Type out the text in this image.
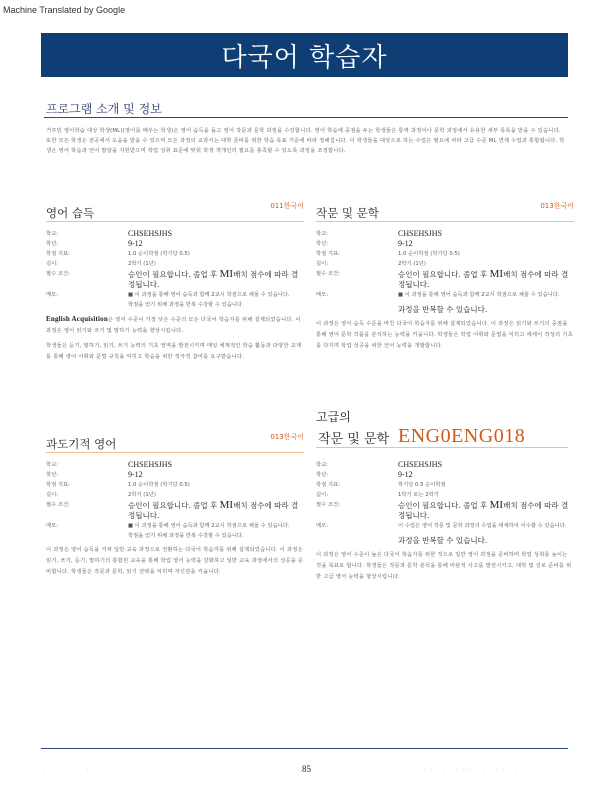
Machine Translated by Google
다국어 학습자
프로그램 소개 및 정보
거주민 영어학습 대상 학생(ML)(영어를 배우는 학생)은 영어 습득을 돕고 영어 작문과 문학 과정을 수강합니다. 영어 학습에 중점을 두는 학생들은 통역 과정이나 문학 과정에서 유용한 세부 목록을 받을 수 있습니다. 또한 모든 학생은 전공에서 도움을 받을 수 있으며 모든 과정의 교과서는 대학 준비를 위한 학습 목표 기준에 따라 정해집니다. 이 학생들을 대상으로 하는 수업은 필요에 따라 고급 수준 ML 연계 수업과 통합됩니다. 학생은 영어 학습과 언어 발달을 지원받으며 학업 성취 표준에 맞춰 학생 개개인의 필요를 충족할 수 있도록 과정을 조정합니다.
영어 습득	011한국어
학교:	CHSEHSJHS
학년:	9-12
학점 지표:	1.0 순이학점 (학기당 0.5)
길이:	2학기 (1년)
필수 조건:	승인이 필요합니다. 졸업 후 MI배치 점수에 따라 결정됩니다.
메모:	■ 이 과정을 통해 영어 습득과 함께 2교시 학점으로 채울 수 있습니다.
학점을 얻기 위해 과정을 반복 수강할 수 있습니다.
English Acquisition은 영어 수준이 가장 낮은 수준의 모든 다국어 학습자를 위해 설계되었습니다. 이 과정은 영어 읽기와 쓰기 및 말하기 능력을 향상시킵니다.
학생들은 듣기, 말하기, 읽기, 쓰기 능력의 기초 영역을 발전시키며 매일 체계적인 학습 활동과 다양한 교재를 통해 영어 어휘와 문법 규칙을 익히고 학습을 위한 적극적 참여를 요구받습니다.
작문 및 문학	013한국어
학교:	CHSEHSJHS
학년:	9-12
학점 지표:	1.0 순이학점 (학기당 0.5)
길이:	2학기 (1년)
필수 조건:	승인이 필요합니다. 졸업 후 MI배치 점수에 따라 결정됩니다.
메모:	■ 이 과정을 통해 영어 습득과 함께 2교시 학점으로 채울 수 있습니다.
과정을 반복할 수 있습니다.
이 과정은 영어 습득 수준을 마친 다국어 학습자를 위해 설계되었습니다. 이 과정은 읽기와 쓰기의 중점을 통해 영어 문학 작품을 분석하는 능력을 키웁니다. 학생들은 학업 어휘와 문법을 익히고 에세이 작성의 기초를 다지며 학업 성공을 위한 언어 능력을 개발합니다.
과도기적 영어	013한국어
학교:	CHSEHSJHS
학년:	9-12
학점 지표:	1.0 순이학점 (학기당 0.5)
길이:	2학기 (1년)
필수 조건:	승인이 필요합니다. 졸업 후 MI배치 점수에 따라 결정됩니다.
메모:	■ 이 과정을 통해 영어 습득과 함께 2교시 학점으로 채울 수 있습니다.
학점을 얻기 위해 과정을 반복 수강할 수 있습니다.
이 과정은 영어 습득을 거쳐 일반 교육 과정으로 전환하는 다국어 학습자를 위해 설계되었습니다. 이 과정은 읽기, 쓰기, 듣기, 말하기의 통합된 교육을 통해 학업 영어 능력을 강화하고 일반 교육 과정에서의 성공을 준비합니다. 학생들은 작문과 문학, 읽기 전략을 익히며 자신감을 키웁니다.
고급의
작문 및 문학 ENG0ENG018
학교:	CHSEHSJHS
학년:	9-12
학점 지표:	학기당 0.5 순이학점
길이:	1학기 또는 2학기
필수 조건:	승인이 필요합니다. 졸업 후 MI배치 점수에 따라 결정됩니다.
메모:	이 수업은 영어 작문 및 문학 과정의 수업을 대체하여 이수할 수 있습니다.
과정을 반복할 수 있습니다.
이 과정은 영어 수준이 높은 다국어 학습자를 위한 것으로 일반 영어 과정을 준비하며 학업 성취를 높이는 것을 목표로 합니다. 학생들은 작문과 문학 분석을 통해 비판적 사고를 발전시키고, 대학 및 진로 준비를 위한 고급 영어 능력을 향상시킵니다.
· · · · · · ·	85	· · · · · · · · · · · · · · · ·
